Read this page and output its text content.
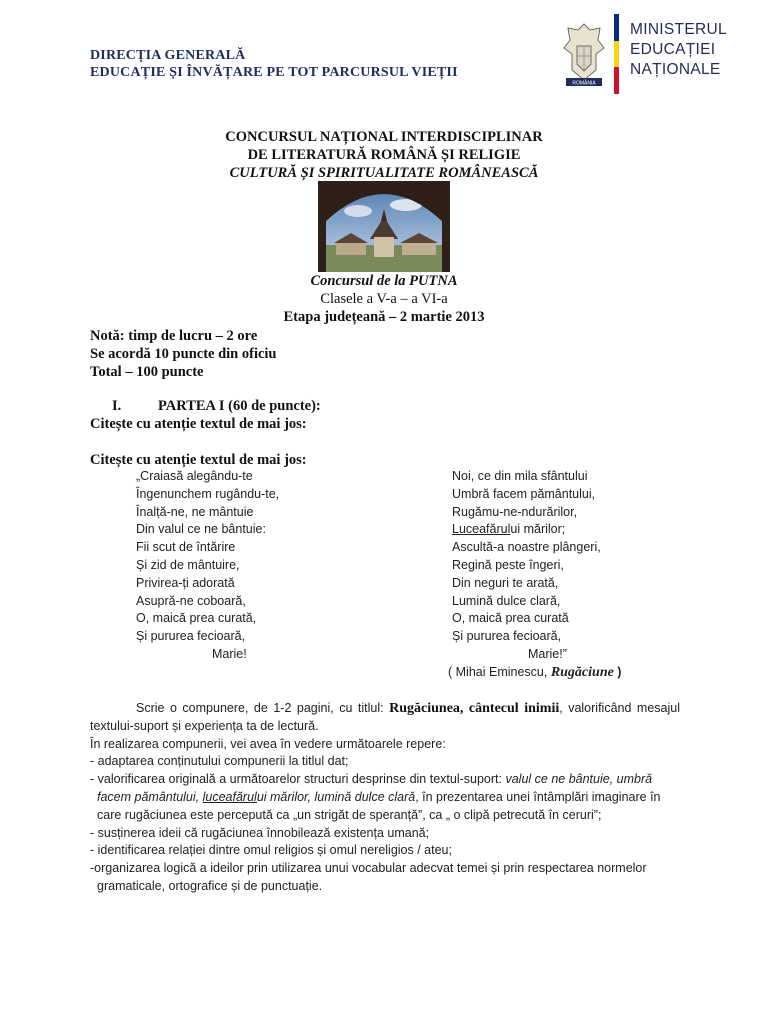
DIRECȚIA GENERALĂ
EDUCAȚIE ȘI ÎNVĂȚARE PE TOT PARCURSUL VIEȚII
ROMÂNIA
MINISTERUL
EDUCAȚIEI
NAȚIONALE
CONCURSUL NAȚIONAL INTERDISCIPLINAR
DE LITERATURĂ ROMÂNĂ ȘI RELIGIE
CULTURĂ ȘI SPIRITUALITATE ROMÂNEASCĂ
Concursul de la PUTNA
Clasele a V-a – a VI-a
Etapa județeană – 2 martie 2013
Notă: timp de lucru – 2 ore
Se acordă 10 puncte din oficiu
Total – 100 puncte
I.	PARTEA I (60 de puncte):
Citește cu atenție textul de mai jos:
Citește cu atenție textul de mai jos:
„Craiasă alegându-te
Îngenunchem rugându-te,
Înalță-ne, ne mântuie
Din valul ce ne bântuie:
Fii scut de întărire
Și zid de mântuire,
Privirea-ți adorată
Asupră-ne coboară,
O, maică prea curată,
Și pururea fecioară,
Marie!
Noi, ce din mila sfântului
Umbră facem pământului,
Rugămu-ne-ndurărilor,
Luceafărului mărilor;
Ascultă-a noastre plângeri,
Regină peste îngeri,
Din neguri te arată,
Lumină dulce clară,
O, maică prea curată
Și pururea fecioară,
Marie!”
( Mihai Eminescu, Rugăciune )

Scrie o compunere, de 1-2 pagini, cu titlul: Rugăciunea, cântecul inimii, valorificând mesajul textului-suport și experiența ta de lectură.

În realizarea compunerii, vei avea în vedere următoarele repere:

- adaptarea conținutului compunerii la titlul dat;

- valorificarea originală a următoarelor structuri desprinse din textul-suport: valul ce ne bântuie, umbră facem pământului, luceafărului mărilor, lumină dulce clară, în prezentarea unei întâmplări imaginare în care rugăciunea este percepută ca „un strigăt de speranță”, ca „ o clipă petrecută în ceruri”;

- susținerea ideii că rugăciunea înnobilează existența umană;

- identificarea relației dintre omul religios și omul nereligios / ateu;

-organizarea logică a ideilor prin utilizarea unui vocabular adecvat temei și prin respectarea normelor gramaticale, ortografice și de punctuație.
